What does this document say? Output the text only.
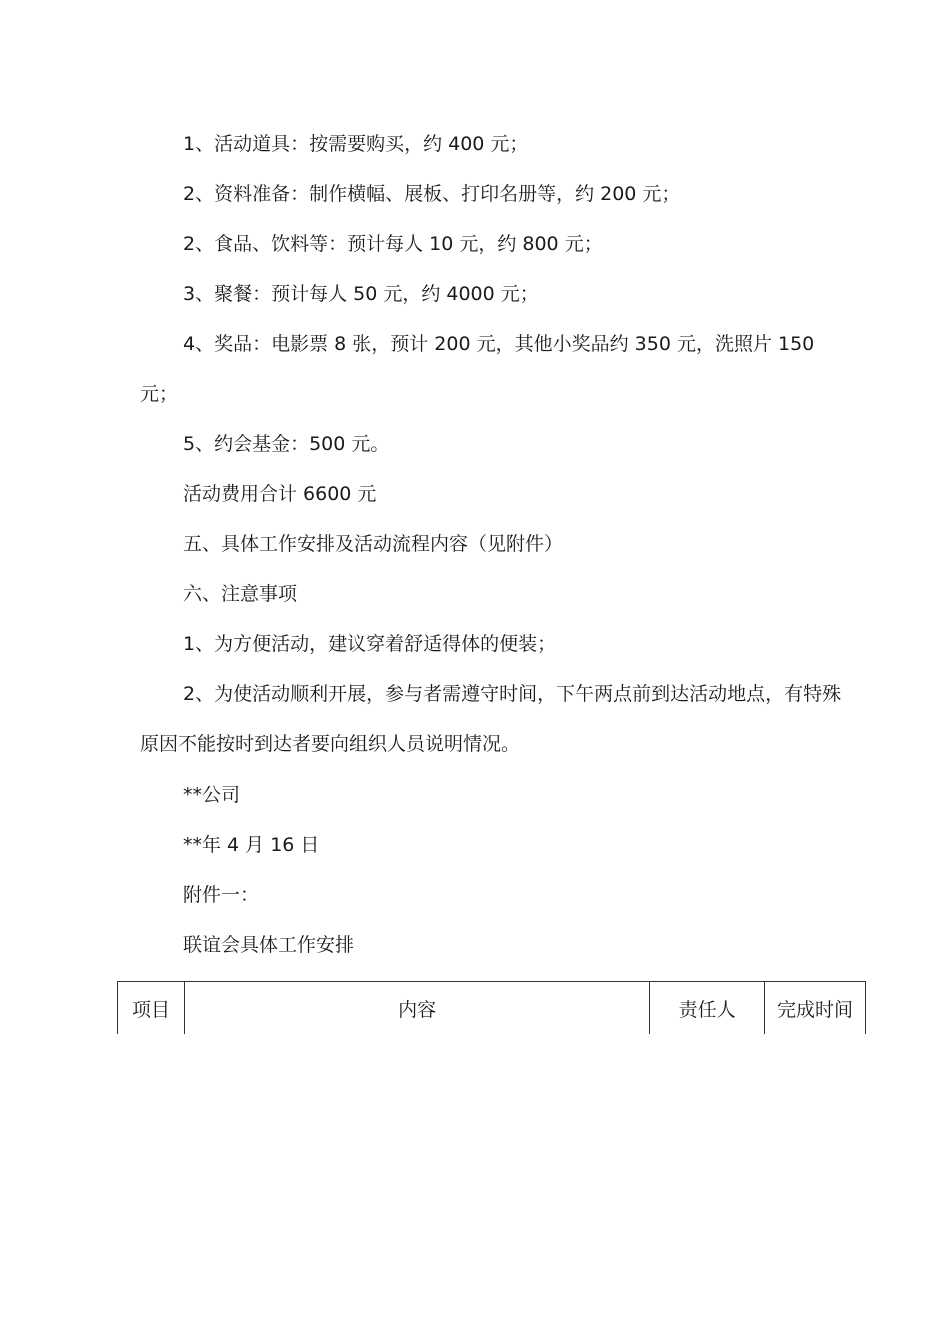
1、活动道具：按需要购买，约 400 元；

2、资料准备：制作横幅、展板、打印名册等，约 200 元；

2、食品、饮料等：预计每人 10 元，约 800 元；

3、聚餐：预计每人 50 元，约 4000 元；

4、奖品：电影票 8 张，预计 200 元，其他小奖品约 350 元，洗照片 150 元；

5、约会基金：500 元。

活动费用合计 6600 元

五、具体工作安排及活动流程内容（见附件）

六、注意事项

1、为方便活动，建议穿着舒适得体的便装；

2、为使活动顺利开展，参与者需遵守时间，下午两点前到达活动地点，有特殊原因不能按时到达者要向组织人员说明情况。

**公司

**年 4 月 16 日

附件一：

联谊会具体工作安排

项目	内容	责任人	完成时间
